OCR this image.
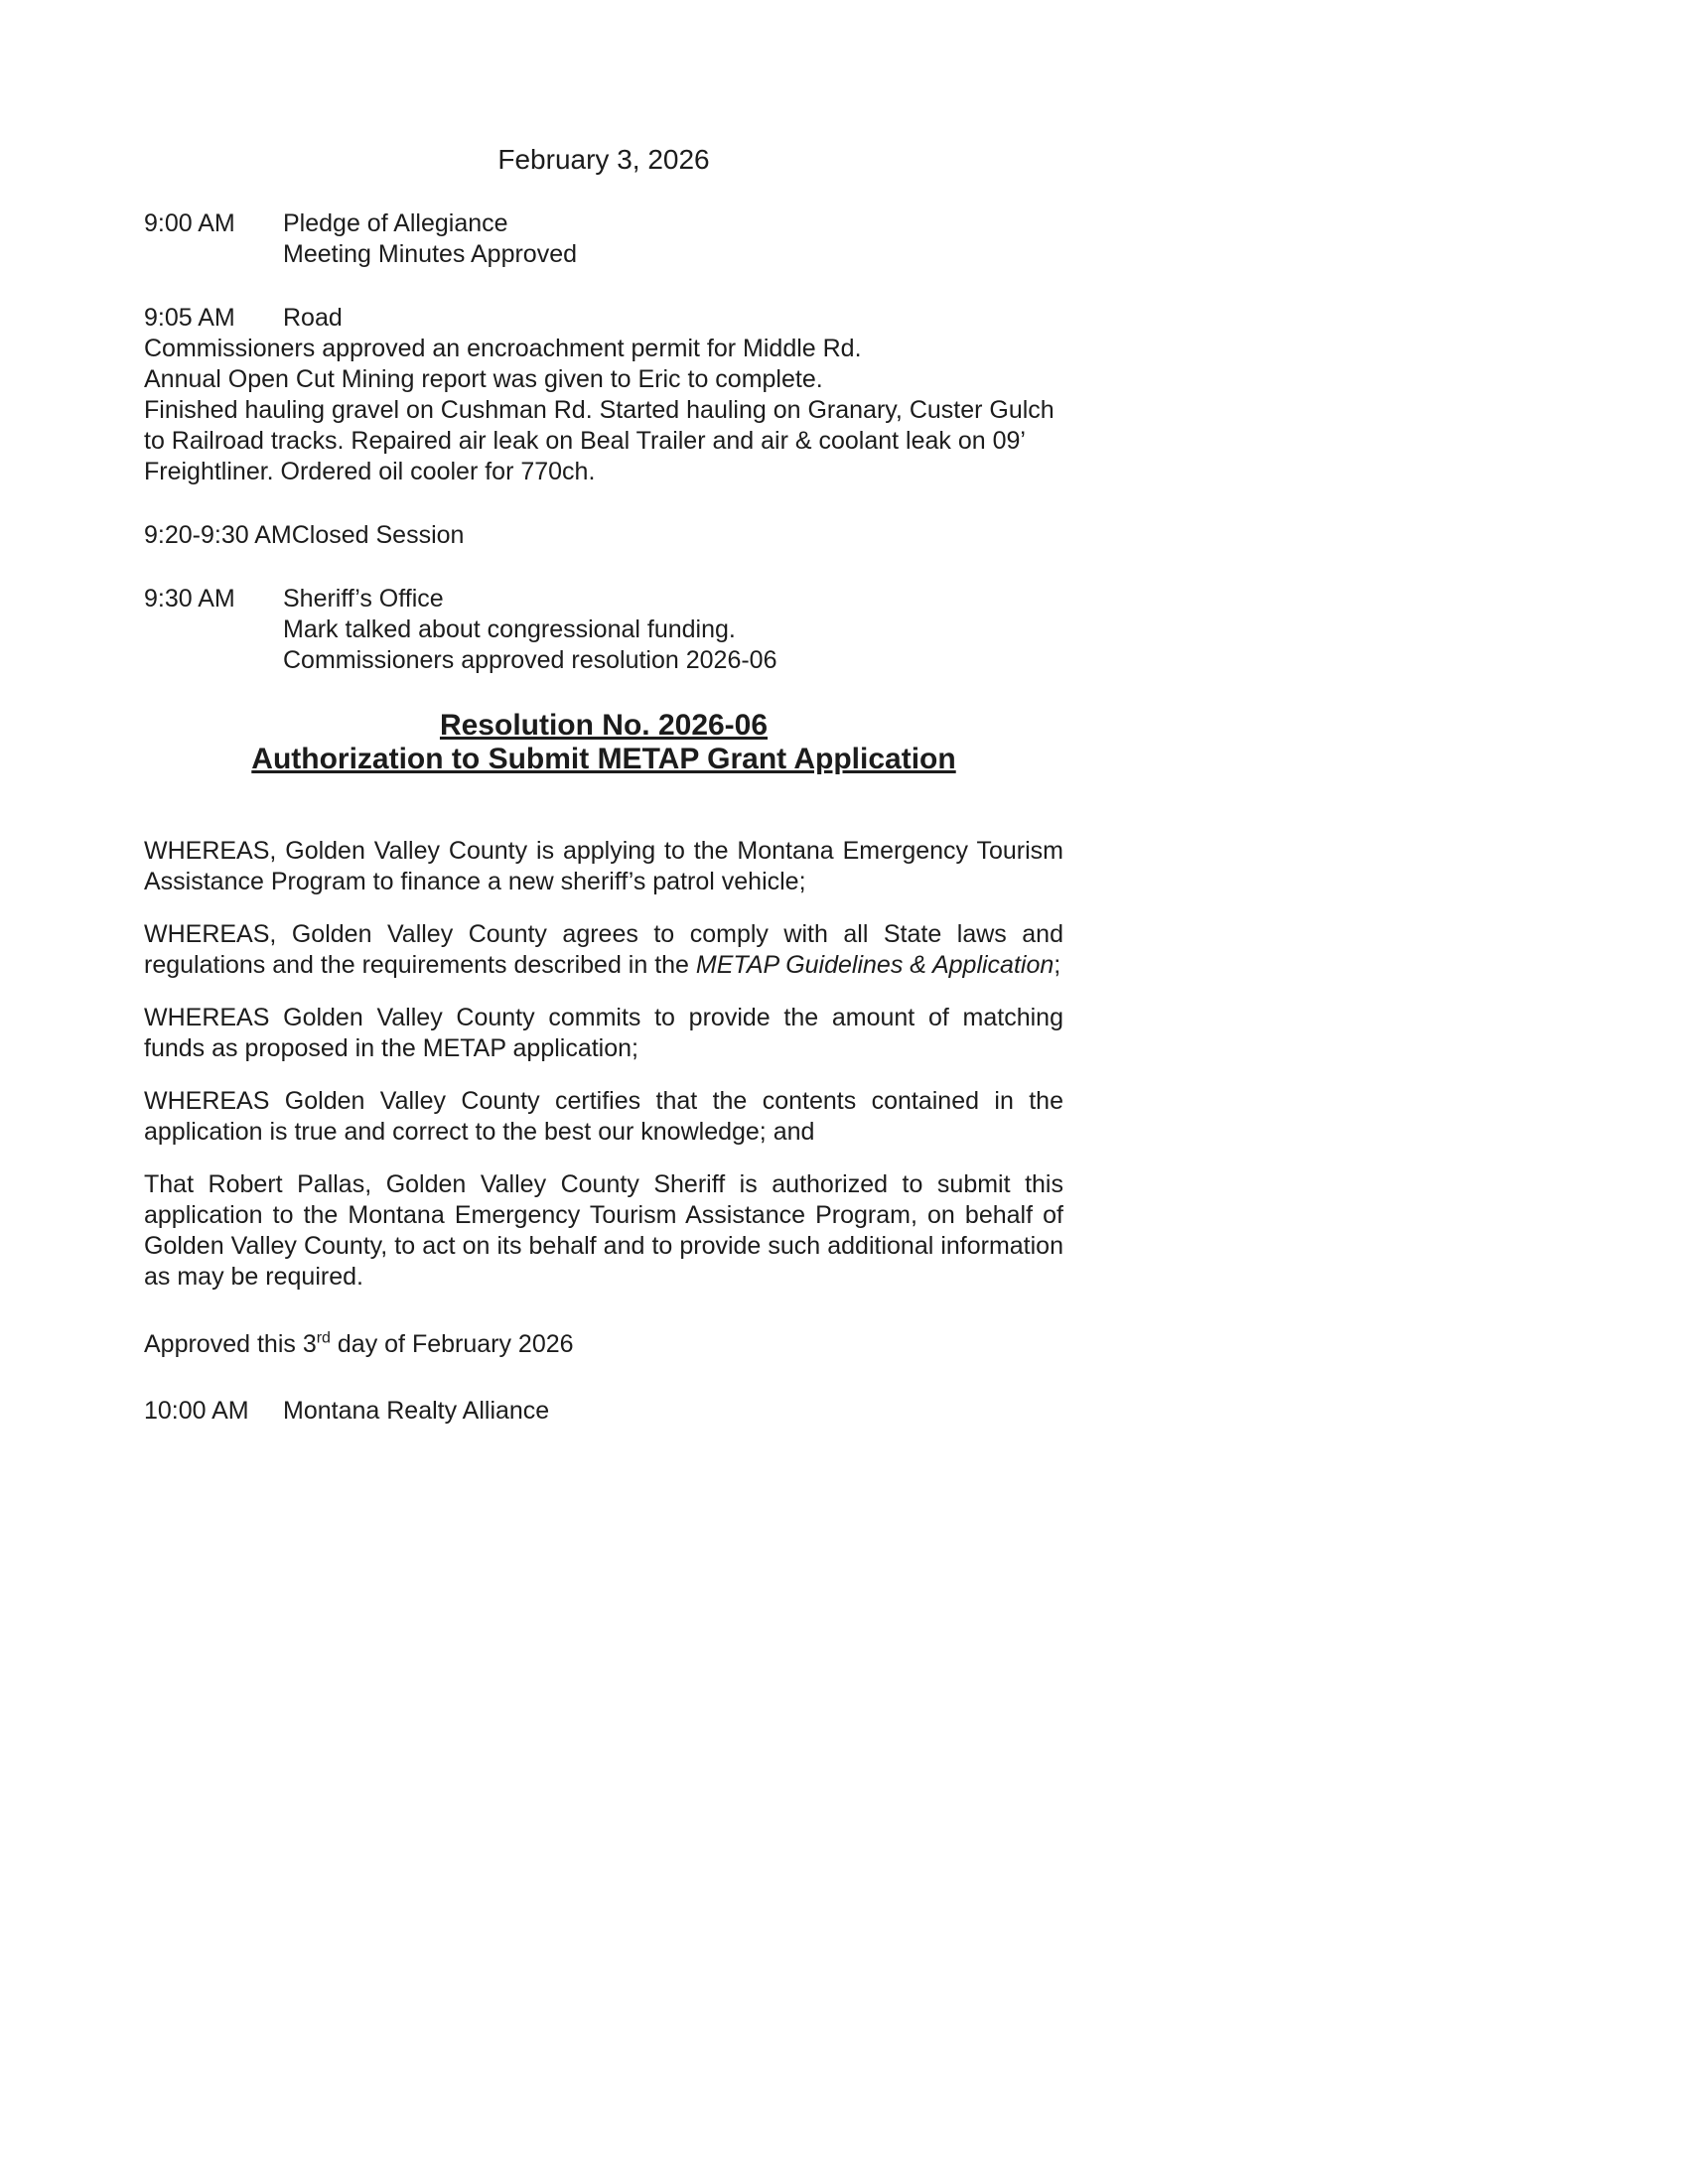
February 3, 2026
9:00 AM	Pledge of Allegiance
Meeting Minutes Approved
9:05 AM	Road
Commissioners approved an encroachment permit for Middle Rd.
Annual Open Cut Mining report was given to Eric to complete.
Finished hauling gravel on Cushman Rd. Started hauling on Granary, Custer Gulch to Railroad tracks. Repaired air leak on Beal Trailer and air & coolant leak on 09’ Freightliner. Ordered oil cooler for 770ch.
9:20-9:30 AM Closed Session
9:30 AM	Sheriff’s Office
Mark talked about congressional funding.
Commissioners approved resolution 2026-06
Resolution No. 2026-06
Authorization to Submit METAP Grant Application
WHEREAS, Golden Valley County is applying to the Montana Emergency Tourism Assistance Program to finance a new sheriff’s patrol vehicle;
WHEREAS, Golden Valley County agrees to comply with all State laws and regulations and the requirements described in the METAP Guidelines & Application;
WHEREAS Golden Valley County commits to provide the amount of matching funds as proposed in the METAP application;
WHEREAS Golden Valley County certifies that the contents contained in the application is true and correct to the best our knowledge; and
That Robert Pallas, Golden Valley County Sheriff is authorized to submit this application to the Montana Emergency Tourism Assistance Program, on behalf of Golden Valley County, to act on its behalf and to provide such additional information as may be required.
Approved this 3rd day of February 2026
10:00 AM	Montana Realty Alliance
